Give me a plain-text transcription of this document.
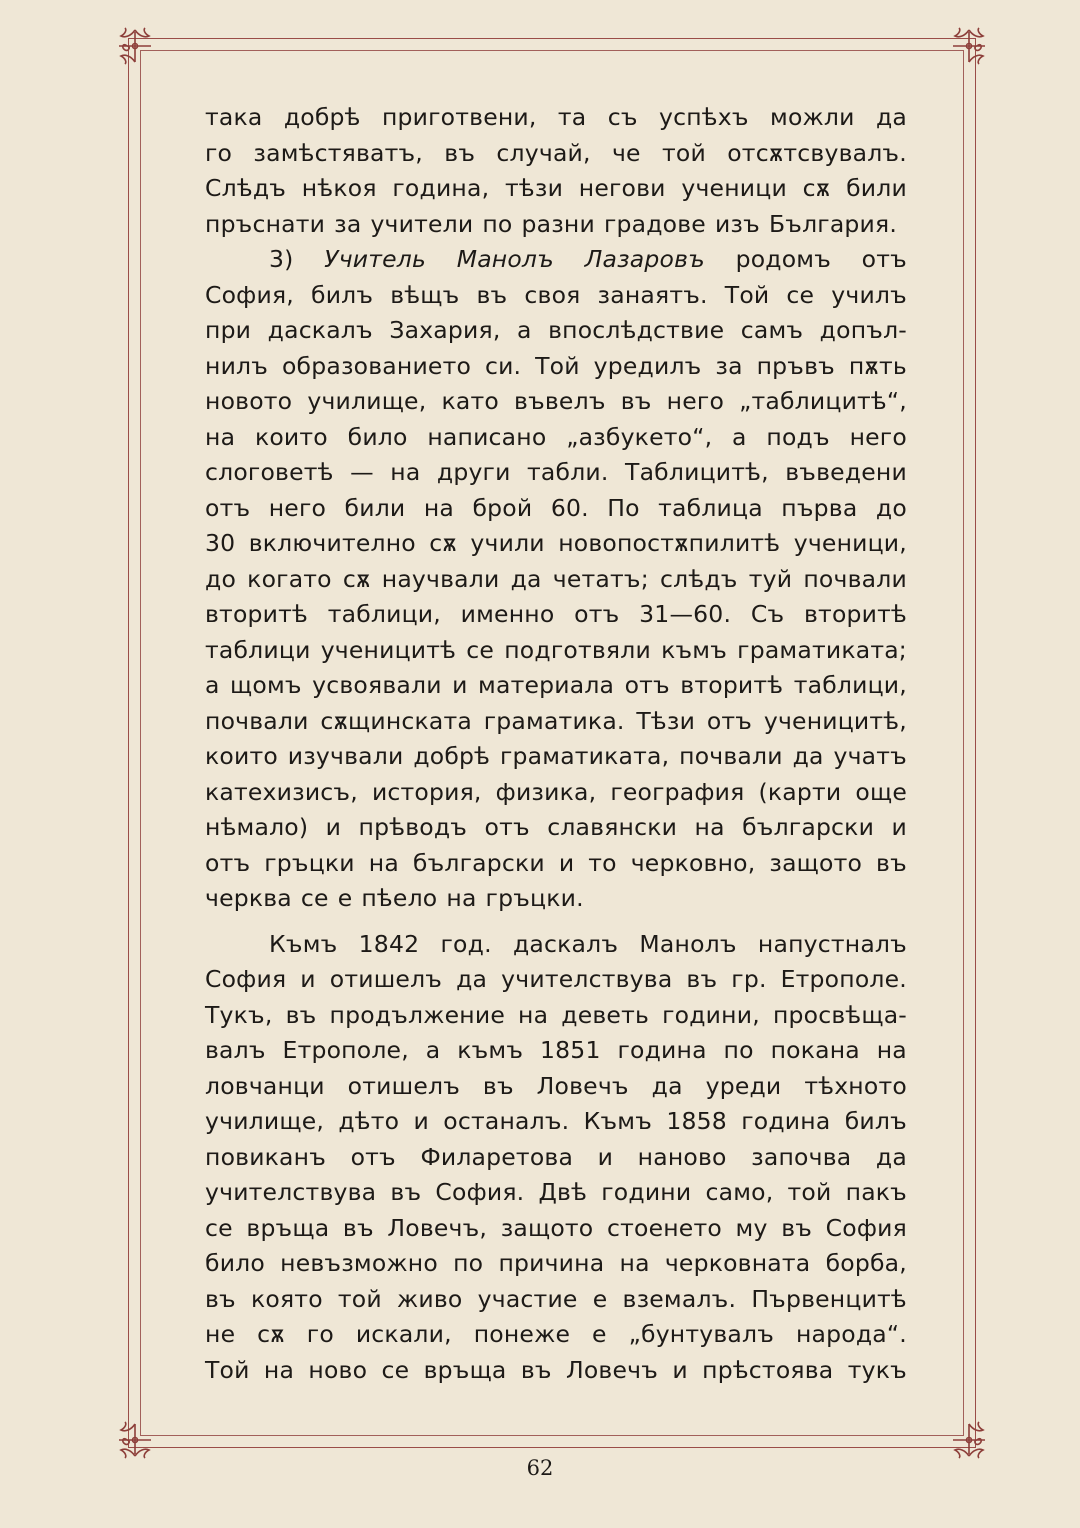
така добрѣ приготвени, та съ успѣхъ можли да
го замѣстяватъ, въ случай, че той отсѫтсвувалъ.
Слѣдъ нѣкоя година, тѣзи негови ученици сѫ били
пръснати за учители по разни градове изъ България.
3) Учитель Манолъ Лазаровъ родомъ отъ
София, билъ вѣщъ въ своя занаятъ. Той се училъ
при даскалъ Захария, а впослѣдствие самъ допъл-
нилъ образованието си. Той уредилъ за пръвъ пѫть
новото училище, като въвелъ въ него „таблицитѣ“,
на които било написано „азбукето“, а подъ него
слоговетѣ — на други табли. Таблицитѣ, въведени
отъ него били на брой 60. По таблица първа до
30 включително сѫ учили новопостѫпилитѣ ученици,
до когато сѫ научвали да четатъ; слѣдъ туй почвали
вторитѣ таблици, именно отъ 31—60. Съ вторитѣ
таблици ученицитѣ се подготвяли къмъ граматиката;
а щомъ усвоявали и материала отъ вторитѣ таблици,
почвали сѫщинската граматика. Тѣзи отъ ученицитѣ,
които изучвали добрѣ граматиката, почвали да учатъ
катехизисъ, история, физика, география (карти още
нѣмало) и прѣводъ отъ славянски на български и
отъ гръцки на български и то черковно, защото въ
черква се е пѣело на гръцки.
Къмъ 1842 год. даскалъ Манолъ напустналъ
София и отишелъ да учителствува въ гр. Етрополе.
Тукъ, въ продължение на деветь години, просвѣща-
валъ Етрополе, а къмъ 1851 година по покана на
ловчанци отишелъ въ Ловечъ да уреди тѣхното
училище, дѣто и останалъ. Къмъ 1858 година билъ
повиканъ отъ Филаретова и наново започва да
учителствува въ София. Двѣ години само, той пакъ
се връща въ Ловечъ, защото стоенето му въ София
било невъзможно по причина на черковната борба,
въ която той живо участие е вземалъ. Първенцитѣ
не сѫ го искали, понеже е „бунтувалъ народа“.
Той на ново се връща въ Ловечъ и прѣстоява тукъ
62
